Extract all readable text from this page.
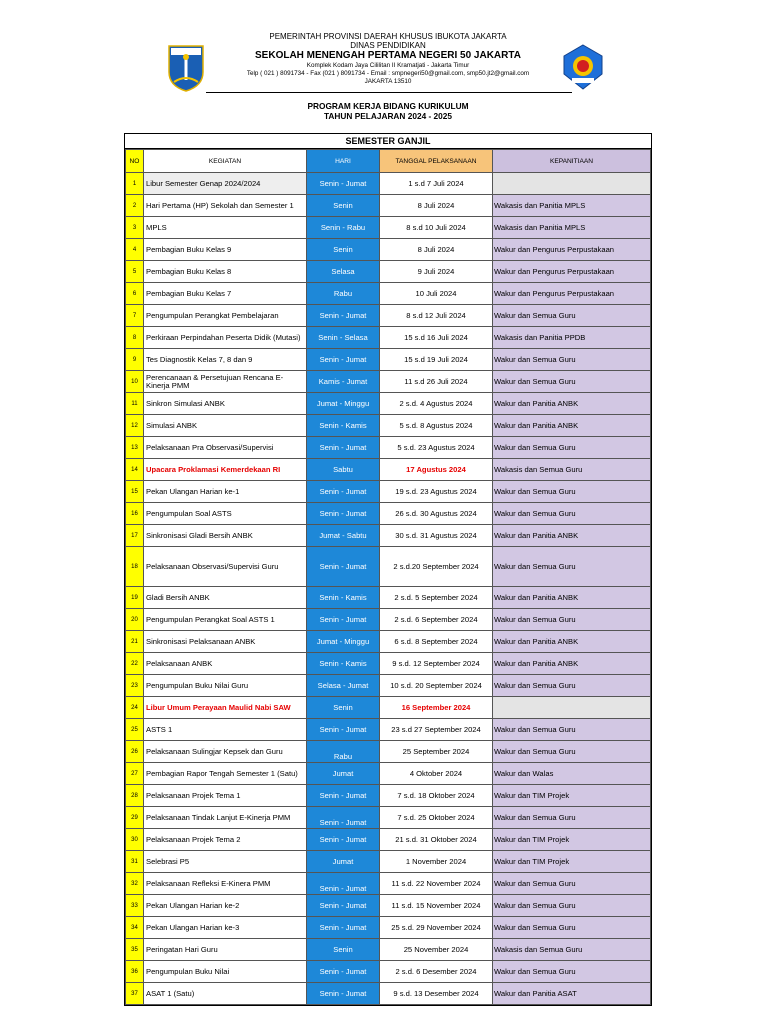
PEMERINTAH PROVINSI DAERAH KHUSUS IBUKOTA JAKARTA
DINAS PENDIDIKAN
SEKOLAH MENENGAH PERTAMA NEGERI 50 JAKARTA
Komplek Kodam Jaya Cililitan II Kramatjati - Jakarta Timur
Telp ( 021 ) 8091734 - Fax (021 ) 8091734 - Email : smpnegeri50@gmail.com, smp50.jt2@gmail.com
JAKARTA 13510
PROGRAM KERJA BIDANG KURIKULUM
TAHUN PELAJARAN 2024 - 2025
SEMESTER GANJIL
NO	KEGIATAN	HARI	TANGGAL PELAKSANAAN	KEPANITIAAN
1	Libur Semester Genap 2024/2024	Senin - Jumat	1 s.d 7 Juli 2024	
2	Hari Pertama (HP) Sekolah dan Semester 1	Senin	8 Juli 2024	Wakasis dan Panitia MPLS
3	MPLS	Senin - Rabu	8 s.d 10 Juli 2024	Wakasis dan Panitia MPLS
4	Pembagian Buku Kelas 9	Senin	8 Juli 2024	Wakur dan Pengurus Perpustakaan
5	Pembagian Buku Kelas 8	Selasa	9 Juli 2024	Wakur dan Pengurus Perpustakaan
6	Pembagian Buku Kelas 7	Rabu	10 Juli 2024	Wakur dan Pengurus Perpustakaan
7	Pengumpulan Perangkat Pembelajaran	Senin - Jumat	8 s.d 12 Juli 2024	Wakur dan Semua Guru
8	Perkiraan Perpindahan Peserta Didik (Mutasi)	Senin - Selasa	15 s.d 16 Juli 2024	Wakasis dan Panitia PPDB
9	Tes Diagnostik Kelas 7, 8 dan 9	Senin - Jumat	15 s.d 19 Juli 2024	Wakur dan Semua Guru
10	Perencanaan & Persetujuan Rencana E-Kinerja PMM	Kamis - Jumat	11 s.d 26 Juli 2024	Wakur dan Semua Guru
11	Sinkron Simulasi ANBK	Jumat - Minggu	2 s.d. 4 Agustus 2024	Wakur dan Panitia ANBK
12	Simulasi ANBK	Senin - Kamis	5 s.d. 8 Agustus 2024	Wakur dan Panitia ANBK
13	Pelaksanaan Pra Observasi/Supervisi	Senin - Jumat	5 s.d. 23 Agustus 2024	Wakur dan Semua Guru
14	Upacara Proklamasi Kemerdekaan RI	Sabtu	17 Agustus 2024	Wakasis dan Semua Guru
15	Pekan Ulangan Harian ke-1	Senin - Jumat	19 s.d. 23 Agustus 2024	Wakur dan Semua Guru
16	Pengumpulan Soal ASTS	Senin - Jumat	26 s.d. 30 Agustus 2024	Wakur dan Semua Guru
17	Sinkronisasi Gladi Bersih ANBK	Jumat - Sabtu	30 s.d. 31 Agustus 2024	Wakur dan Panitia ANBK
18	Pelaksanaan Observasi/Supervisi Guru	Senin - Jumat	2 s.d.20 September 2024	Wakur dan Semua Guru
19	Gladi Bersih ANBK	Senin - Kamis	2 s.d. 5 September 2024	Wakur dan Panitia ANBK
20	Pengumpulan Perangkat Soal ASTS 1	Senin - Jumat	2 s.d. 6 September 2024	Wakur dan Semua Guru
21	Sinkronisasi Pelaksanaan ANBK	Jumat - Minggu	6 s.d. 8 September 2024	Wakur dan Panitia ANBK
22	Pelaksanaan ANBK	Senin - Kamis	9 s.d. 12 September 2024	Wakur dan Panitia ANBK
23	Pengumpulan Buku Nilai Guru	Selasa - Jumat	10 s.d. 20 September 2024	Wakur dan Semua Guru
24	Libur Umum Perayaan Maulid Nabi SAW	Senin	16 September 2024	
25	ASTS 1	Senin - Jumat	23 s.d 27 September 2024	Wakur dan Semua Guru
26	Pelaksanaan Sulingjar Kepsek dan Guru	Rabu	25 September 2024	Wakur dan Semua Guru
27	Pembagian Rapor Tengah Semester 1 (Satu)	Jumat	4 Oktober 2024	Wakur dan Walas
28	Pelaksanaan Projek Tema 1	Senin - Jumat	7 s.d. 18 Oktober 2024	Wakur dan TIM Projek
29	Pelaksanaan Tindak Lanjut E-Kinerja PMM	Senin - Jumat	7 s.d. 25 Oktober 2024	Wakur dan Semua Guru
30	Pelaksanaan Projek Tema 2	Senin - Jumat	21 s.d. 31 Oktober 2024	Wakur dan TIM Projek
31	Selebrasi P5	Jumat	1 November 2024	Wakur dan TIM Projek
32	Pelaksanaan Refleksi E-Kinera PMM	Senin - Jumat	11 s.d. 22 November 2024	Wakur dan Semua Guru
33	Pekan Ulangan Harian ke-2	Senin - Jumat	11 s.d. 15 November 2024	Wakur dan Semua Guru
34	Pekan Ulangan Harian ke-3	Senin - Jumat	25 s.d. 29 November 2024	Wakur dan Semua Guru
35	Peringatan Hari Guru	Senin	25 November 2024	Wakasis dan Semua Guru
36	Pengumpulan Buku Nilai	Senin - Jumat	2 s.d. 6 Desember 2024	Wakur dan Semua Guru
37	ASAT 1 (Satu)	Senin - Jumat	9 s.d. 13 Desember 2024	Wakur dan Panitia ASAT
